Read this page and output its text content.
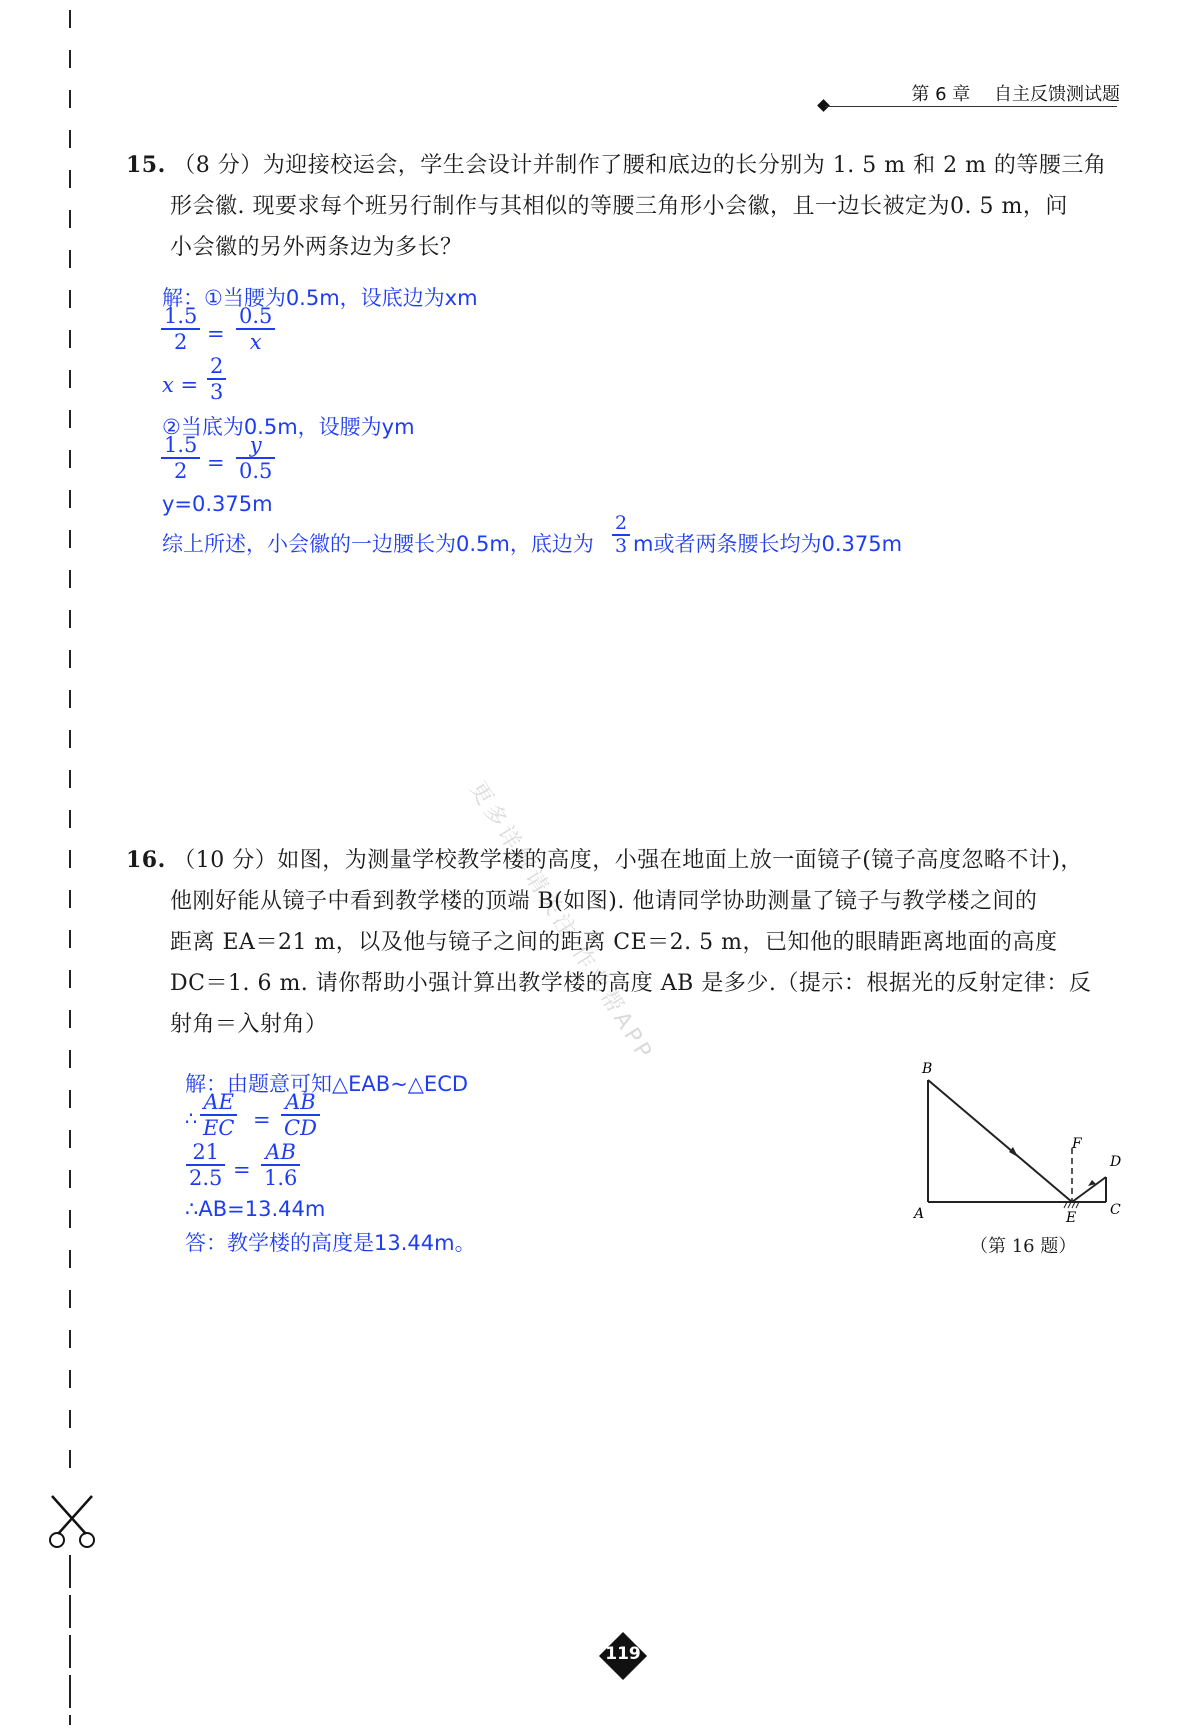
第 6 章 自主反馈测试题
15. （8 分）为迎接校运会，学生会设计并制作了腰和底边的长分别为 1. 5 m 和 2 m 的等腰三角
形会徽. 现要求每个班另行制作与其相似的等腰三角形小会徽，且一边长被定为0. 5 m，问
小会徽的另外两条边为多长？
解：①当腰为0.5m，设底边为xm
1.5
2 =
0.5
x
x =
2
3
②当底为0.5m，设腰为ym
1.5
2 =
y
0.5
y=0.375m
综上所述，小会徽的一边腰长为0.5m，底边为
2
3 m或者两条腰长均为0.375m
更多详解请关注 作业帮APP
16. （10 分）如图，为测量学校教学楼的高度，小强在地面上放一面镜子(镜子高度忽略不计)，
他刚好能从镜子中看到教学楼的顶端 B(如图). 他请同学协助测量了镜子与教学楼之间的
距离 EA＝21 m，以及他与镜子之间的距离 CE＝2. 5 m，已知他的眼睛距离地面的高度
DC＝1. 6 m. 请你帮助小强计算出教学楼的高度 AB 是多少.（提示：根据光的反射定律：反
射角＝入射角）
解：由题意可知△EAB~△ECD
∴
AE
EC =
AB
CD
21
2.5 =
AB
1.6
∴AB=13.44m
答：教学楼的高度是13.44m。
B
A	E
F
D
C
（第 16 题）
119
